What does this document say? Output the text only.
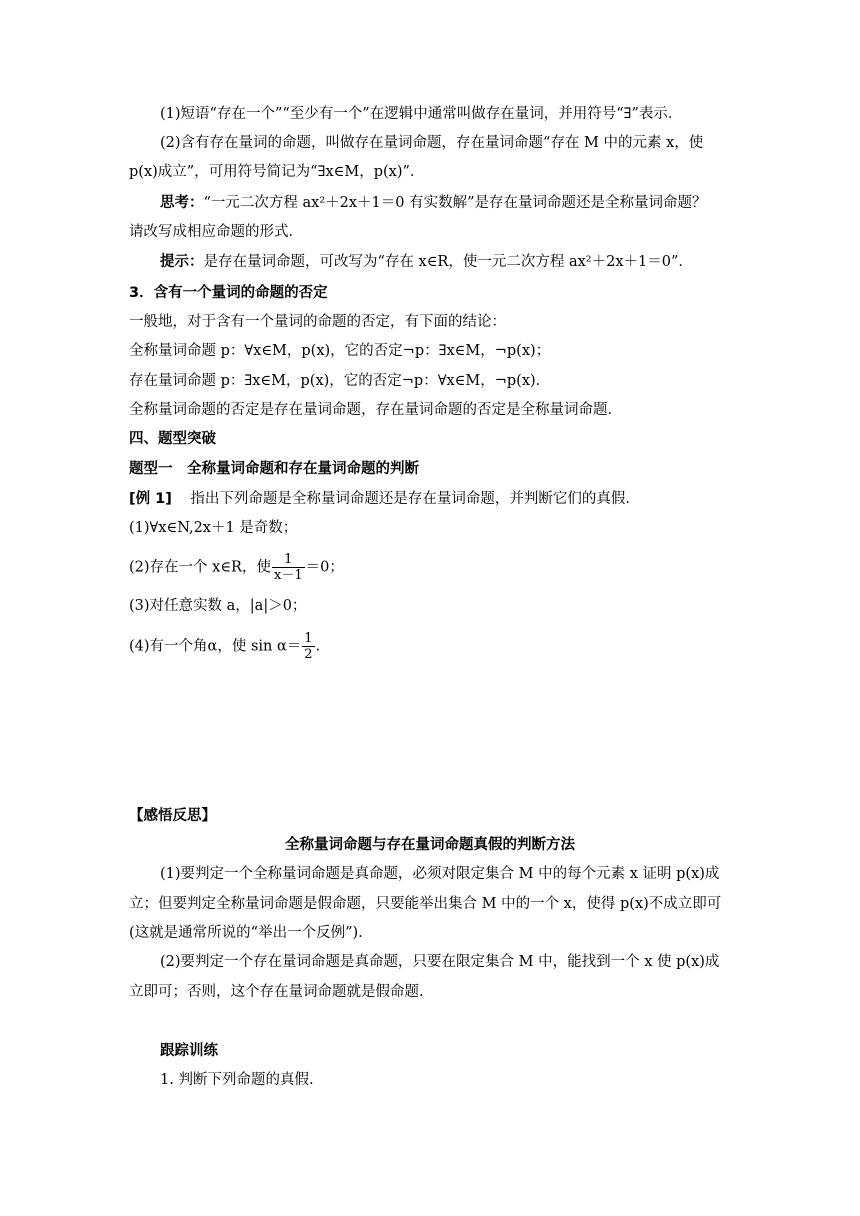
(1)短语“存在一个”“至少有一个”在逻辑中通常叫做存在量词，并用符号“∃”表示．
(2)含有存在量词的命题，叫做存在量词命题，存在量词命题“存在 M 中的元素 x，使
p(x)成立”，可用符号简记为“∃x∈M，p(x)”．
思考：“一元二次方程 ax²＋2x＋1＝0 有实数解”是存在量词命题还是全称量词命题？
请改写成相应命题的形式．
提示：是存在量词命题，可改写为“存在 x∈R，使一元二次方程 ax²＋2x＋1＝0”．
3．含有一个量词的命题的否定
一般地，对于含有一个量词的命题的否定，有下面的结论：
全称量词命题 p：∀x∈M，p(x)，它的否定¬p：∃x∈M，¬p(x)；
存在量词命题 p：∃x∈M，p(x)，它的否定¬p：∀x∈M，¬p(x)．
全称量词命题的否定是存在量词命题，存在量词命题的否定是全称量词命题．
四、题型突破
题型一　全称量词命题和存在量词命题的判断
[例 1] 指出下列命题是全称量词命题还是存在量词命题，并判断它们的真假．
(1)∀x∈N,2x＋1 是奇数；
(2)存在一个 x∈R，使 $\frac{1}{x-1} =0$；
(3)对任意实数 a，|a|＞0；
(4)有一个角α，使 $\sin \alpha= \frac{1}{2}$ .
【感悟反思】
全称量词命题与存在量词命题真假的判断方法
(1)要判定一个全称量词命题是真命题，必须对限定集合 M 中的每个元素 x 证明 p(x)成
立；但要判定全称量词命题是假命题，只要能举出集合 M 中的一个 x，使得 p(x)不成立即可
(这就是通常所说的“举出一个反例”).
(2)要判定一个存在量词命题是真命题，只要在限定集合 M 中，能找到一个 x 使 p(x)成
立即可；否则，这个存在量词命题就是假命题.
跟踪训练
1. 判断下列命题的真假.
